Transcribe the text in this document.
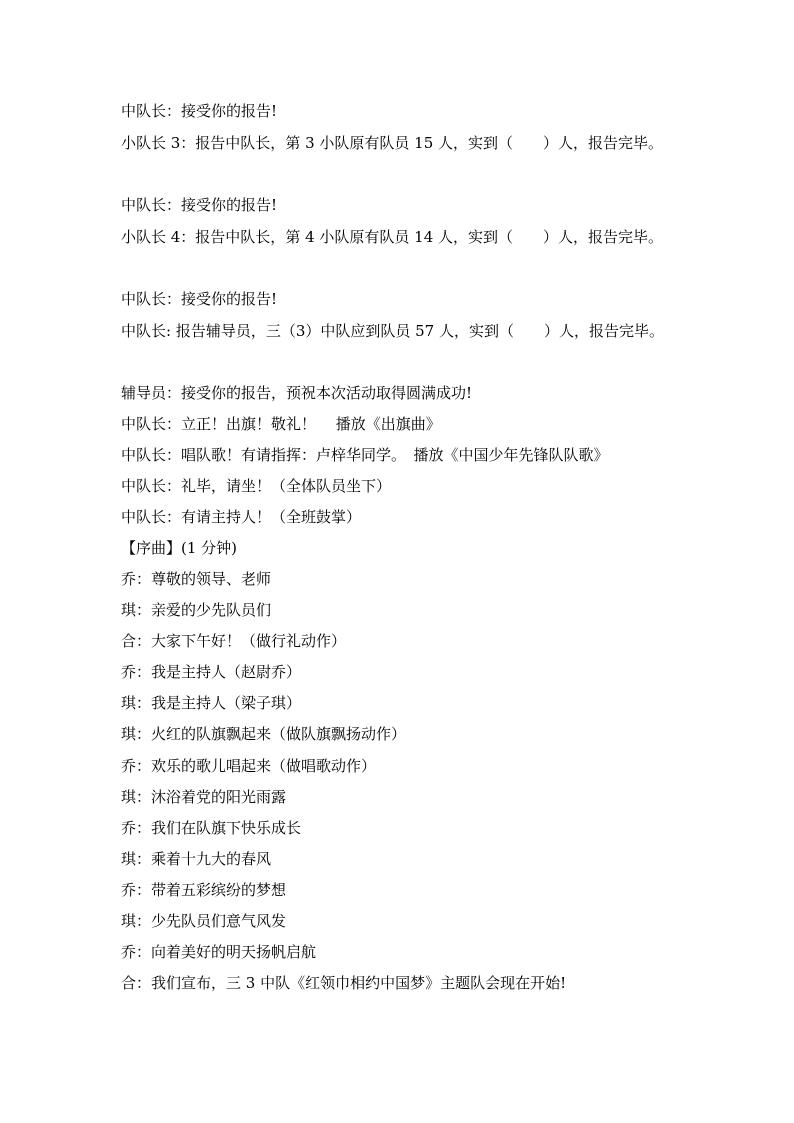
中队长：接受你的报告!
小队长 3：报告中队长，第 3 小队原有队员 15 人，实到（　　）人，报告完毕。
中队长：接受你的报告!
小队长 4：报告中队长，第 4 小队原有队员 14 人，实到（　　）人，报告完毕。
中队长：接受你的报告!
中队长: 报告辅导员，三（3）中队应到队员 57 人，实到（　　）人，报告完毕。
辅导员：接受你的报告，预祝本次活动取得圆满成功!
中队长：立正！出旗！敬礼！　 播放《出旗曲》
中队长：唱队歌！有请指挥：卢梓华同学。　播放《中国少年先锋队队歌》
中队长：礼毕，请坐！（全体队员坐下）
中队长：有请主持人！（全班鼓掌）
【序曲】(1 分钟)
乔：尊敬的领导、老师
琪：亲爱的少先队员们
合：大家下午好！（做行礼动作）
乔：我是主持人（赵尉乔）
琪：我是主持人（梁子琪）
琪：火红的队旗飘起来（做队旗飘扬动作）
乔：欢乐的歌儿唱起来（做唱歌动作）
琪：沐浴着党的阳光雨露
乔：我们在队旗下快乐成长
琪：乘着十九大的春风
乔：带着五彩缤纷的梦想
琪：少先队员们意气风发
乔：向着美好的明天扬帆启航
合：我们宣布，三 3 中队《红领巾相约中国梦》主题队会现在开始!
